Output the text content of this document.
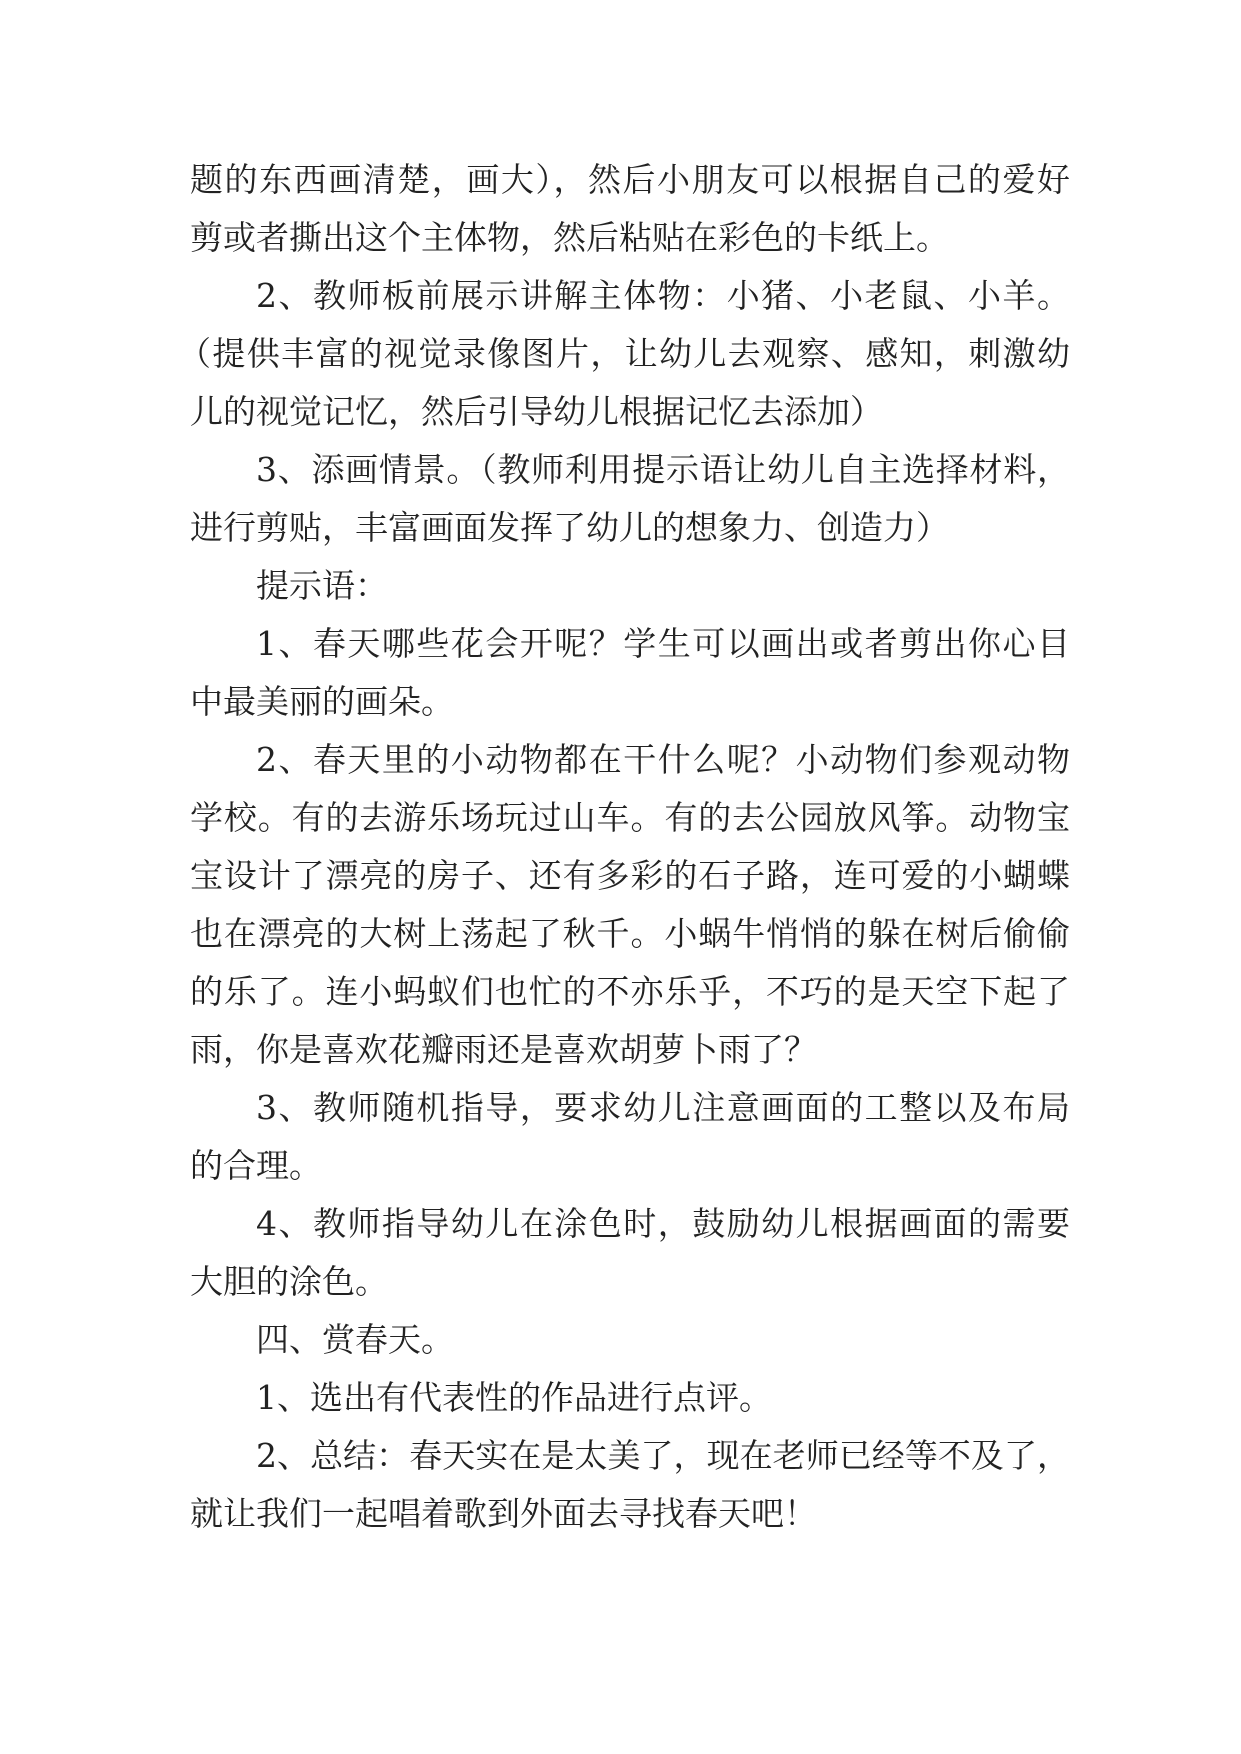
题的东西画清楚，画大），然后小朋友可以根据自己的爱好
剪或者撕出这个主体物，然后粘贴在彩色的卡纸上。
2、教师板前展示讲解主体物：小猪、小老鼠、小羊。
（提供丰富的视觉录像图片，让幼儿去观察、感知，刺激幼
儿的视觉记忆，然后引导幼儿根据记忆去添加）
3、添画情景。（教师利用提示语让幼儿自主选择材料，
进行剪贴，丰富画面发挥了幼儿的想象力、创造力）
提示语：
1、春天哪些花会开呢？学生可以画出或者剪出你心目
中最美丽的画朵。
2、春天里的小动物都在干什么呢？小动物们参观动物
学校。有的去游乐场玩过山车。有的去公园放风筝。动物宝
宝设计了漂亮的房子、还有多彩的石子路，连可爱的小蝴蝶
也在漂亮的大树上荡起了秋千。小蜗牛悄悄的躲在树后偷偷
的乐了。连小蚂蚁们也忙的不亦乐乎，不巧的是天空下起了
雨，你是喜欢花瓣雨还是喜欢胡萝卜雨了？
3、教师随机指导，要求幼儿注意画面的工整以及布局
的合理。
4、教师指导幼儿在涂色时，鼓励幼儿根据画面的需要
大胆的涂色。
四、赏春天。
1、选出有代表性的作品进行点评。
2、总结：春天实在是太美了，现在老师已经等不及了，
就让我们一起唱着歌到外面去寻找春天吧！
